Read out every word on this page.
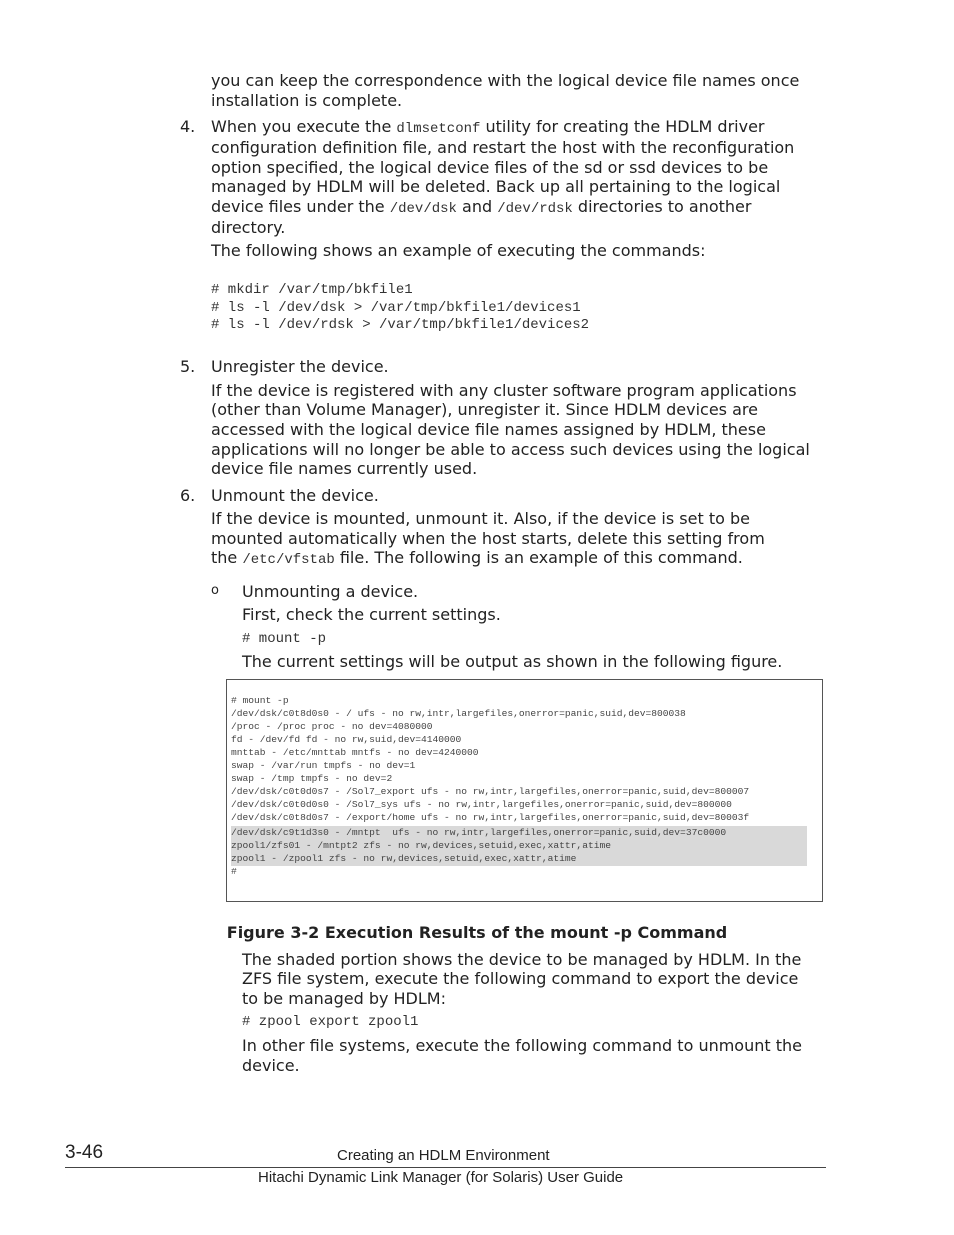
you can keep the correspondence with the logical device file names once
installation is complete.
4. When you execute the dlmsetconf utility for creating the HDLM driver
configuration definition file, and restart the host with the reconfiguration
option specified, the logical device files of the sd or ssd devices to be
managed by HDLM will be deleted. Back up all pertaining to the logical
device files under the /dev/dsk and /dev/rdsk directories to another
directory.
The following shows an example of executing the commands:
# mkdir /var/tmp/bkfile1
# ls -l /dev/dsk > /var/tmp/bkfile1/devices1
# ls -l /dev/rdsk > /var/tmp/bkfile1/devices2
5. Unregister the device.
If the device is registered with any cluster software program applications
(other than Volume Manager), unregister it. Since HDLM devices are
accessed with the logical device file names assigned by HDLM, these
applications will no longer be able to access such devices using the logical
device file names currently used.
6. Unmount the device.
If the device is mounted, unmount it. Also, if the device is set to be
mounted automatically when the host starts, delete this setting from
the /etc/vfstab file. The following is an example of this command.
o Unmounting a device.
First, check the current settings.
# mount -p
The current settings will be output as shown in the following figure.
# mount -p
/dev/dsk/c0t8d0s0 - / ufs - no rw,intr,largefiles,onerror=panic,suid,dev=800038
/proc - /proc proc - no dev=4080000
fd - /dev/fd fd - no rw,suid,dev=4140000
mnttab - /etc/mnttab mntfs - no dev=4240000
swap - /var/run tmpfs - no dev=1
swap - /tmp tmpfs - no dev=2
/dev/dsk/c0t0d0s7 - /Sol7_export ufs - no rw,intr,largefiles,onerror=panic,suid,dev=800007
/dev/dsk/c0t0d0s0 - /Sol7_sys ufs - no rw,intr,largefiles,onerror=panic,suid,dev=800000
/dev/dsk/c0t8d0s7 - /export/home ufs - no rw,intr,largefiles,onerror=panic,suid,dev=80003f
/dev/dsk/c9t1d3s0 - /mntpt  ufs - no rw,intr,largefiles,onerror=panic,suid,dev=37c0000
zpool1/zfs01 - /mntpt2 zfs - no rw,devices,setuid,exec,xattr,atime
zpool1 - /zpool1 zfs - no rw,devices,setuid,exec,xattr,atime
#
Figure 3-2 Execution Results of the mount -p Command
The shaded portion shows the device to be managed by HDLM. In the
ZFS file system, execute the following command to export the device
to be managed by HDLM:
# zpool export zpool1
In other file systems, execute the following command to unmount the
device.
3-46	Creating an HDLM Environment
Hitachi Dynamic Link Manager (for Solaris) User Guide
